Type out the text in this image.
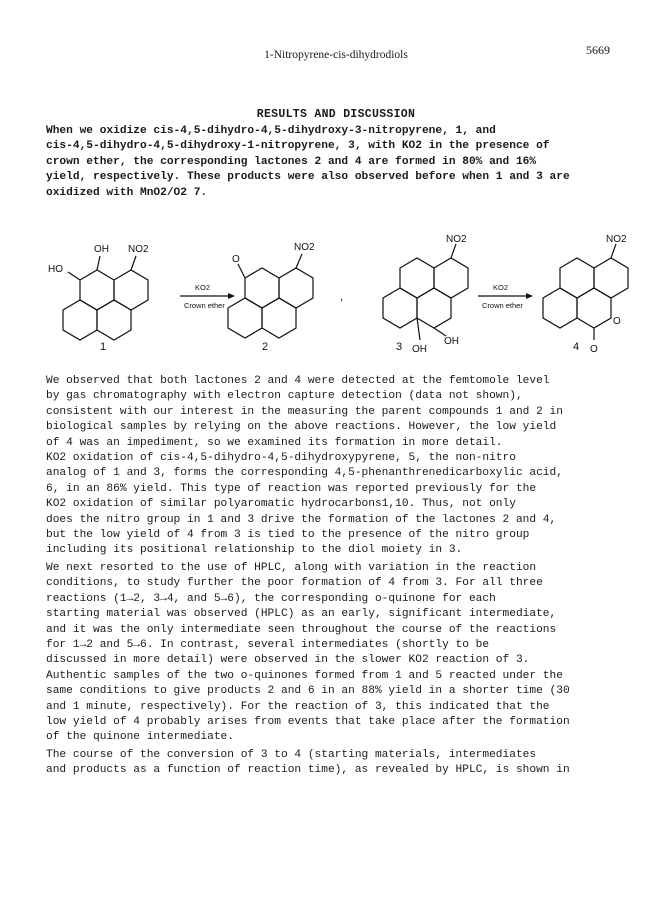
1-Nitropyrene-cis-dihydrodiols	5669
RESULTS AND DISCUSSION

When we oxidize cis-4,5-dihydro-4,5-dihydroxy-3-nitropyrene, 1, and
cis-4,5-dihydro-4,5-dihydroxy-1-nitropyrene, 3, with KO2 in the presence of
crown ether, the corresponding lactones 2 and 4 are formed in 80% and 16%
yield, respectively. These products were also observed before when 1 and 3 are
oxidized with MnO2/O2 7.

HO
OH NO2
1
KO2
Crown ether
O
NO2
2
,
NO2
OH
OH
3
KO2
Crown ether
NO2
O
O
4

We observed that both lactones 2 and 4 were detected at the femtomole level
by gas chromatography with electron capture detection (data not shown),
consistent with our interest in the measuring the parent compounds 1 and 2 in
biological samples by relying on the above reactions. However, the low yield
of 4 was an impediment, so we examined its formation in more detail.

KO2 oxidation of cis-4,5-dihydro-4,5-dihydroxypyrene, 5, the non-nitro
analog of 1 and 3, forms the corresponding 4,5-phenanthrenedicarboxylic acid,
6, in an 86% yield. This type of reaction was reported previously for the
KO2 oxidation of similar polyaromatic hydrocarbons1,10. Thus, not only
does the nitro group in 1 and 3 drive the formation of the lactones 2 and 4,
but the low yield of 4 from 3 is tied to the presence of the nitro group
including its positional relationship to the diol moiety in 3.

We next resorted to the use of HPLC, along with variation in the reaction
conditions, to study further the poor formation of 4 from 3. For all three
reactions (1→2, 3→4, and 5→6), the corresponding o-quinone for each
starting material was observed (HPLC) as an early, significant intermediate,
and it was the only intermediate seen throughout the course of the reactions
for 1→2 and 5→6. In contrast, several intermediates (shortly to be
discussed in more detail) were observed in the slower KO2 reaction of 3.
Authentic samples of the two o-quinones formed from 1 and 5 reacted under the
same conditions to give products 2 and 6 in an 88% yield in a shorter time (30
and 1 minute, respectively). For the reaction of 3, this indicated that the
low yield of 4 probably arises from events that take place after the formation
of the quinone intermediate.

The course of the conversion of 3 to 4 (starting materials, intermediates
and products as a function of reaction time), as revealed by HPLC, is shown in
